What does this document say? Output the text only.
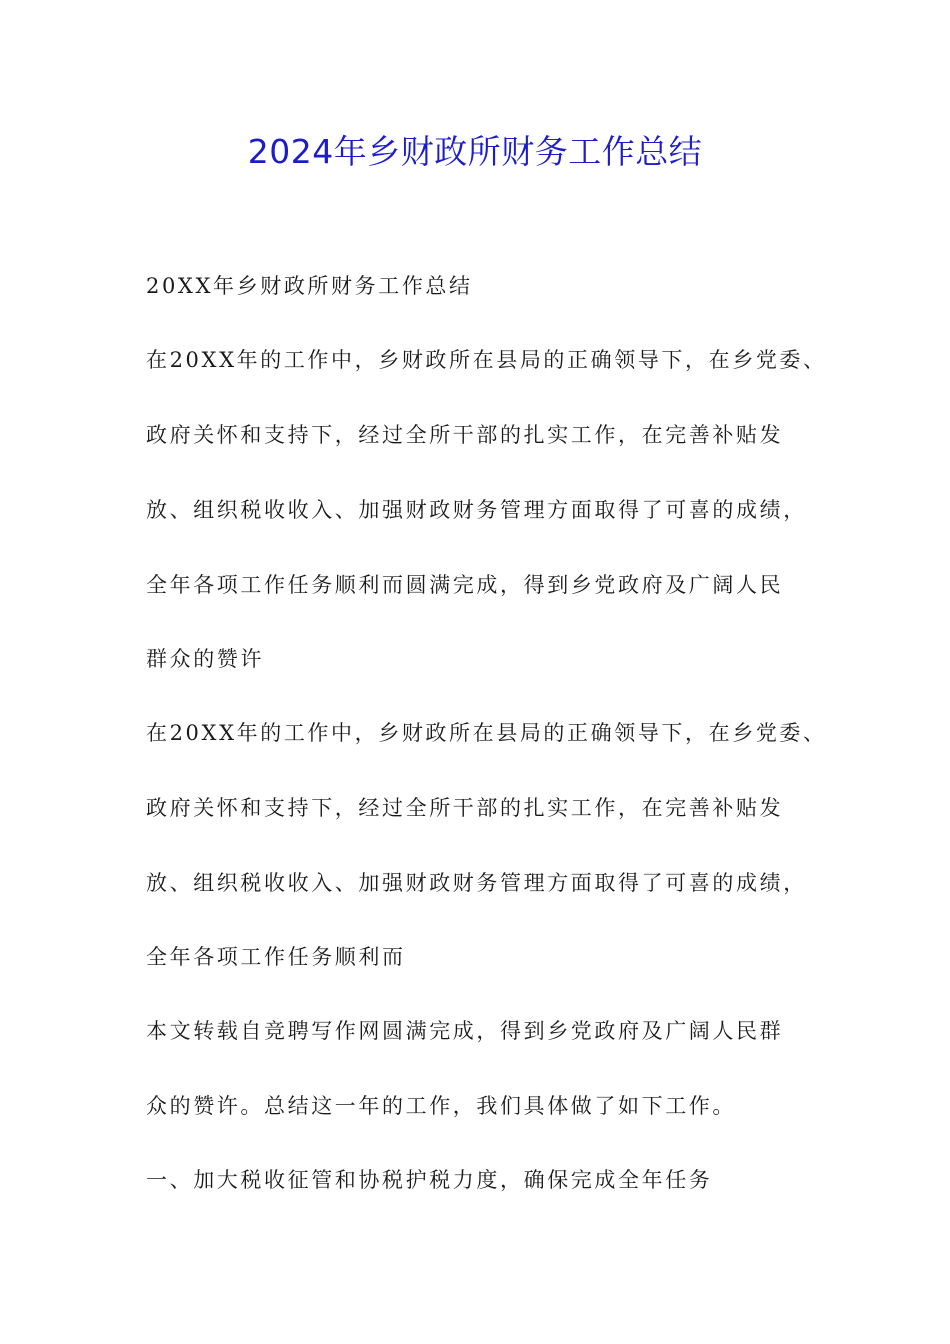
2024年乡财政所财务工作总结
20XX年乡财政所财务工作总结
在20XX年的工作中，乡财政所在县局的正确领导下，在乡党委、
政府关怀和支持下，经过全所干部的扎实工作，在完善补贴发
放、组织税收收入、加强财政财务管理方面取得了可喜的成绩，
全年各项工作任务顺利而圆满完成，得到乡党政府及广阔人民
群众的赞许
在20XX年的工作中，乡财政所在县局的正确领导下，在乡党委、
政府关怀和支持下，经过全所干部的扎实工作，在完善补贴发
放、组织税收收入、加强财政财务管理方面取得了可喜的成绩，
全年各项工作任务顺利而
本文转载自竞聘写作网圆满完成，得到乡党政府及广阔人民群
众的赞许。总结这一年的工作，我们具体做了如下工作。
一、加大税收征管和协税护税力度，确保完成全年任务
